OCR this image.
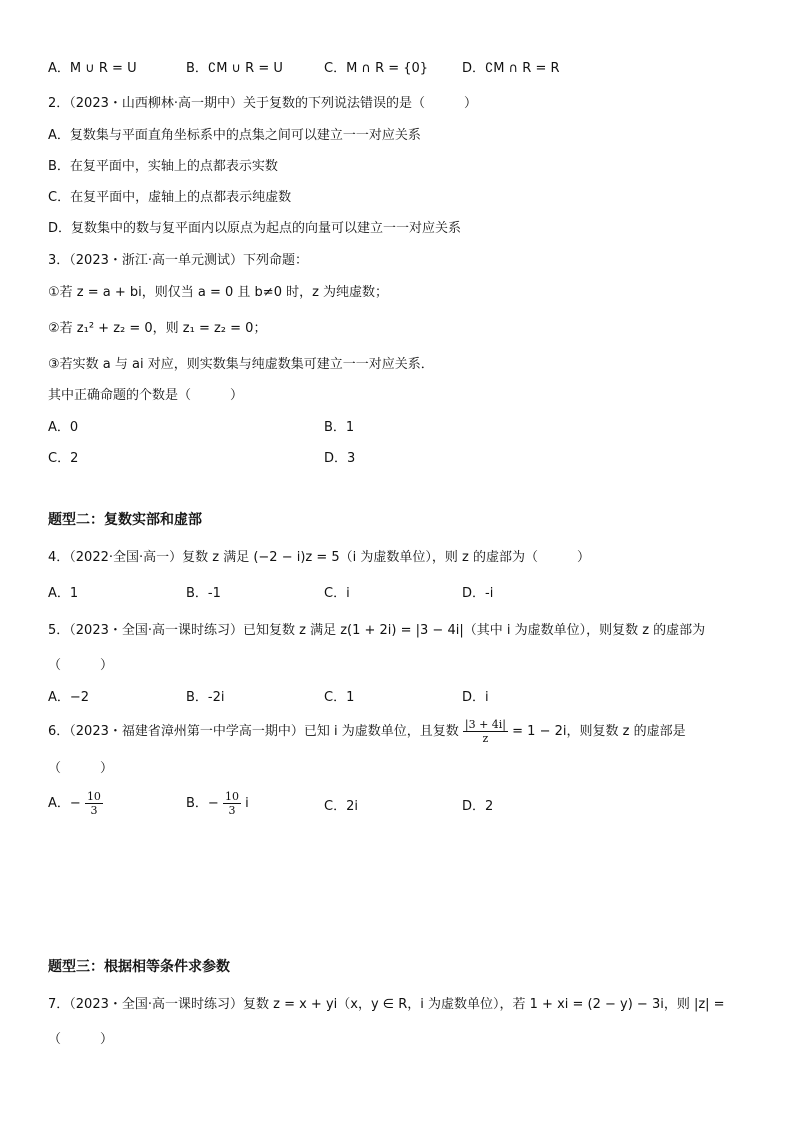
A．M ∪ R = U	B．∁M ∪ R = U	C．M ∩ R = {0}	D．∁M ∩ R = R
2．（2023・山西柳林·高一期中）关于复数的下列说法错误的是（　　　）
A．复数集与平面直角坐标系中的点集之间可以建立一一对应关系
B．在复平面中，实轴上的点都表示实数
C．在复平面中，虚轴上的点都表示纯虚数
D．复数集中的数与复平面内以原点为起点的向量可以建立一一对应关系
3．（2023・浙江·高一单元测试）下列命题：
①若 z = a + bi，则仅当 a = 0 且 b≠0 时，z 为纯虚数；
②若 z₁² + z₂ = 0，则 z₁ = z₂ = 0；
③若实数 a 与 ai 对应，则实数集与纯虚数集可建立一一对应关系．
其中正确命题的个数是（　　　）
A．0	B．1
C．2	D．3
题型二：复数实部和虚部
4．（2022·全国·高一）复数 z 满足 (−2 − i)z = 5（i 为虚数单位），则 z 的虚部为（　　　）
A．1	B．-1	C．i	D．-i
5．（2023・全国·高一课时练习）已知复数 z 满足 z(1 + 2i) = |3 − 4i|（其中 i 为虚数单位），则复数 z 的虚部为
（　　　）
A．−2	B．-2i	C．1	D．i
6．（2023・福建省漳州第一中学高一期中）已知 i 为虚数单位，且复数 $\frac{|3 + 4i|}{z} = 1 - 2i$，则复数 z 的虚部是
（　　　）
A．− $\frac{10}{3}$	B．− $\frac{10}{3}$ i	C．2i	D．2
题型三：根据相等条件求参数
7．（2023・全国·高一课时练习）复数 z = x + yi（x，y ∈ R，i 为虚数单位），若 1 + xi = (2 − y) − 3i，则 |z| =
（　　　）
